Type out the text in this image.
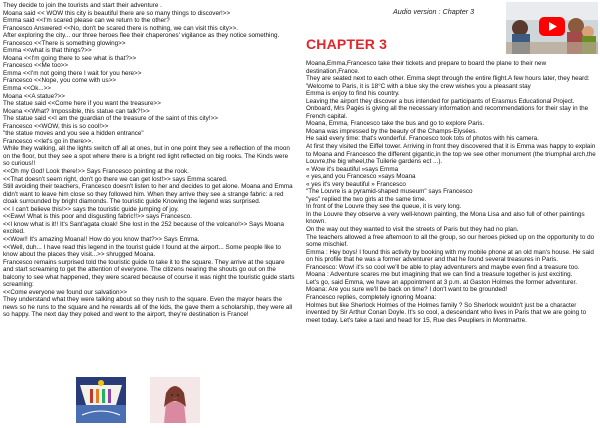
They decide to join the tourists and start their adventure .

Moana said << WOW this city is beautiful there are so many things to discover!>>

Emma said <<I'm scared please can we return to the other?

Francesco Answered <<No, don't be scared there is nothing, we can visit this city>>.

After exploring the city... our three heroes flee their chaperones' vigilance as they notice something.

Francesco <<There is something glowing>>

Emma <<what is that things?>>

Moana <<I'm going there to see what is that?>>

Francesco <<Me too>>

Emma <<I'm not going there I wait for you here>>

Francesco <<Nope, you come with us>>

Emma <<Ok...>>

Moana <<A statue?>>

The statue said <<Come here if you want the treasure>>

Moana <<What? Impossible, this statue can talk?!>>

The statue said <<I am the guardian of the treasure of the saint of this city!>>

Francesco <<WOW, this is so cool!>>

"the statue moves and you see a hidden entrance"

Francesco <<let's go in there>>.

While they walking, all the lights switch off all at ones, but in one point they see a reflection of the moon on the floor, but they see a spot where there is a bright red light reflected on big rooks. The Kinds were so curious!!

<<Oh my God! Look there!>> Says Francesco pointing at the rook.

<<That doesn't seem right, don't go there we can get lost!>> says Emma scared.

Still avoiding their teachers, Francesco doesn't listen to her and decides to get alone. Moana and Emma didn't want to leave him close so they followed him. When they arrive they see a strange fabric: a red cloak surrounded by bright diamonds. The touristic guide Knowing the legend was surprised.

<< I can't believe this!>> says the touristic guide jumping of joy.

<<Eww! What is this poor and disgusting fabric!!>> says Francesco.

<<I know what is it!! It's Sant'agata cloak! She lost in the 252 because of the volcano!>> Says Moana excited.

<<Wow!! It's amazing Moana!! How do you know that?>> Says Emma.

<<Well, duh... I have read this legend in the tourist guide I found at the airport... Some people like to know about the places they visit...>> shrugged Moana.

Francesco remains surprised told the touristic guide to take it to the square. They arrive at the square and start screaming to get the attention of everyone. The citizens nearing the shouts go out on the balcony to see what happened, they were scared because of course it was night the touristic guide starts screaming:

<<Come everyone we found our salvation>>

They understand what they were talking about so they rush to the square. Even the mayor hears the news so he runs to the square and he rewards all of the kids, the gave them a scholarship, they were all so happy. The next day they poked and went to the airport, they're destination is France!

Audio version : Chapter 3
CHAPTER 3

Moana,Emma,Francesco take their tickets and prepare to board the plane to their new destination,France.

They are seated next to each other. Emma slept through the entire flight.A few hours later, they heard: 'Welcome to Paris, it is 18°C with a blue sky the crew wishes you a pleasant stay

Emma is enjoy to find his country.

Leaving the airport they discover a bus intended for participants of Erasmus Educational Project. Onboard, Mrs Pagès is giving all the necessary information and recommendations for their stay in the French capital.

Moana, Emma, Francesco take the bus and go to explore Paris.

Moana was impressed by the beauty of the Champs-Elysées.

He said every time: that's wonderful. Francesco took tots of photos with his camera.

At first they visited the Eiffel tower. Arriving in front they discovered that it is Emma was happy to explain to Moana and Francesco the different gigantic,in the top we see other monument (the triumphal arch,the Louvre,the big wheel,the Tuilerie gardens ect ...).

« Wow it's beautiful »says Emma

« yes,and you Francesco »says Moana

« yes it's very beautiful » Francesco

"The Louvre is a pyramid-shaped museum" says Francesco

"yes" replied the two girls at the same time.

In front of the Louvre they see the queue, it is very long.

In the Louvre they observe a very well-known painting, the Mona Lisa and also full of other paintings known.

On the way out they wanted to visit the streets of Paris but they had no plan.

The teachers allowed a free afternoon to all the group, so our heroes picked up on the opportunity to do some mischief.

Emma : Hey boys! I found this activity by booking with my mobile phone at an old man's house. He said on his profile that he was a former adventurer and that he found several treasures in Paris.

Francesco: Wow! it's so cool we'll be able to play adventurers and maybe even find a treasure too.

Moana : Adventure scares me but imagining that we can find a treasure together is just exciting.

Let's go, said Emma, we have an appointment at 3 p.m. at Gaston Holmes the former adventurer.

Moana: Are you sure we'll be back on time? I don't want to be grounded!

Francesco replies, completely ignoring Moana:

Holmes but like Sherlock Holmes of the Holmes family ? So Sherlock wouldn't just be a character invented by Sir Arthur Conan Doyle. It's so cool, a descendant who lives in Paris that we are going to meet today. Let's take a taxi and head for 15, Rue des Peupliers in Montmartre.
